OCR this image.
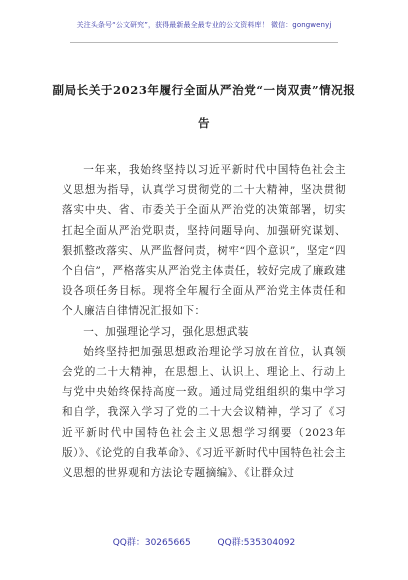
关注头条号“公文研究”，获得最新最全最专业的公文资料库！ 微信：gongwenyj
副局长关于2023年履行全面从严治党“一岗双责”情况报告

一年来，我始终坚持以习近平新时代中国特色社会主义思想为指导，认真学习贯彻党的二十大精神，坚决贯彻落实中央、省、市委关于全面从严治党的决策部署，切实扛起全面从严治党职责，坚持问题导向、加强研究谋划、狠抓整改落实、从严监督问责，树牢“四个意识”，坚定“四个自信”，严格落实从严治党主体责任，较好完成了廉政建设各项任务目标。现将全年履行全面从严治党主体责任和个人廉洁自律情况汇报如下：

一、加强理论学习，强化思想武装

始终坚持把加强思想政治理论学习放在首位，认真领会党的二十大精神，在思想上、认识上、理论上、行动上与党中央始终保持高度一致。通过局党组组织的集中学习和自学，我深入学习了党的二十大会议精神，学习了《习近平新时代中国特色社会主义思想学习纲要（2023年版）》、《论党的自我革命》、《习近平新时代中国特色社会主义思想的世界观和方法论专题摘编》、《让群众过

QQ群：30265665	QQ群:535304092
